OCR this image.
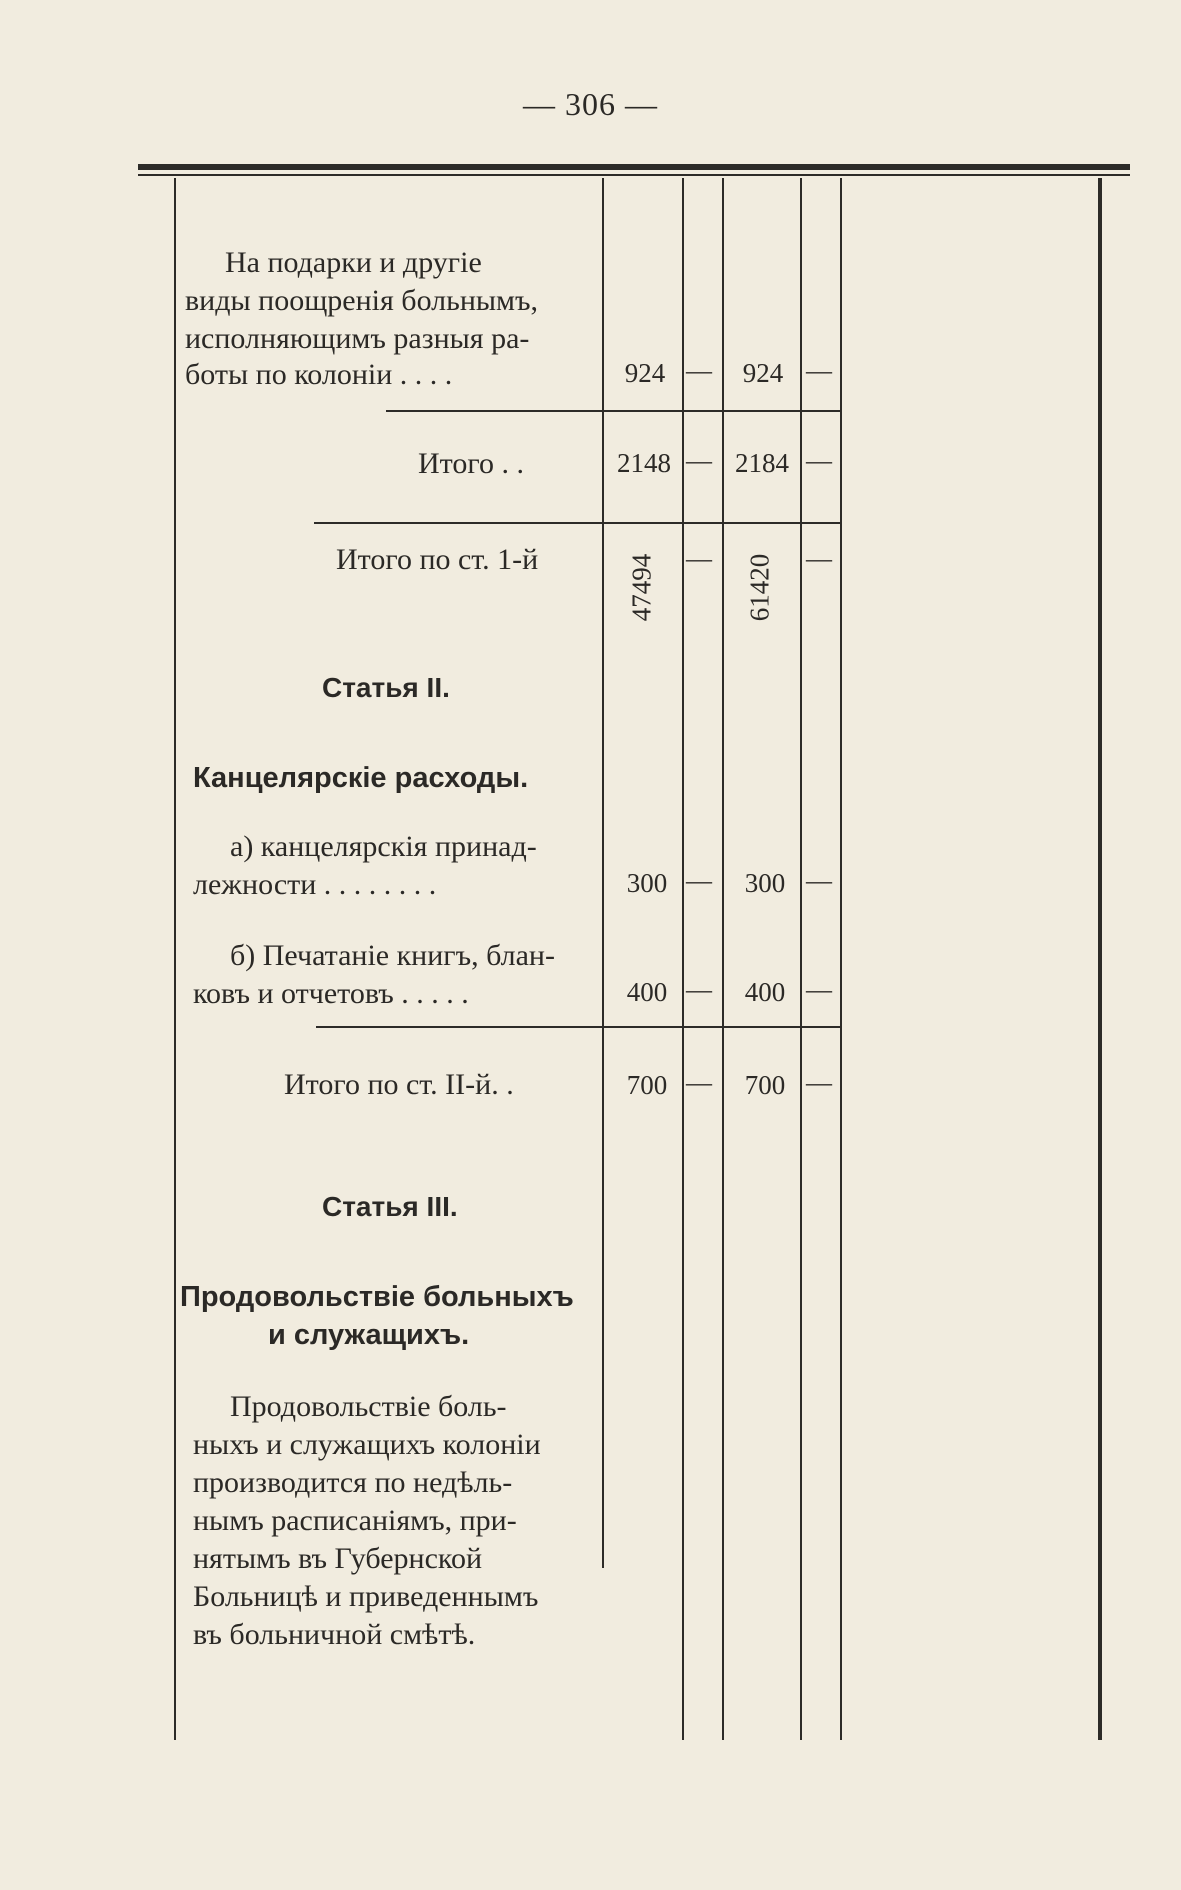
— 306 —
На подарки и другіе
виды поощренія больнымъ,
исполняющимъ разныя ра-
боты по колоніи . . . .	924 —	924 —
Итого . .	2148 — 2184 —
Итого по ст. 1-й	47494 — 61420 —
Статья II.
Канцелярскіе расходы.
а) канцелярскія принад-
лежности . . . . . . . .	300 —	300 —
б) Печатаніе книгъ, блан-
ковъ и отчетовъ . . . . .	400 —	400 —
Итого по ст. II-й. .	700 —	700 —
Статья III.
Продовольствіе больныхъ
и служащихъ.
Продовольствіе боль-
ныхъ и служащихъ колоніи
производится по недѣль-
нымъ расписаніямъ, при-
нятымъ въ Губернской
Больницѣ и приведеннымъ
въ больничной смѣтѣ.
